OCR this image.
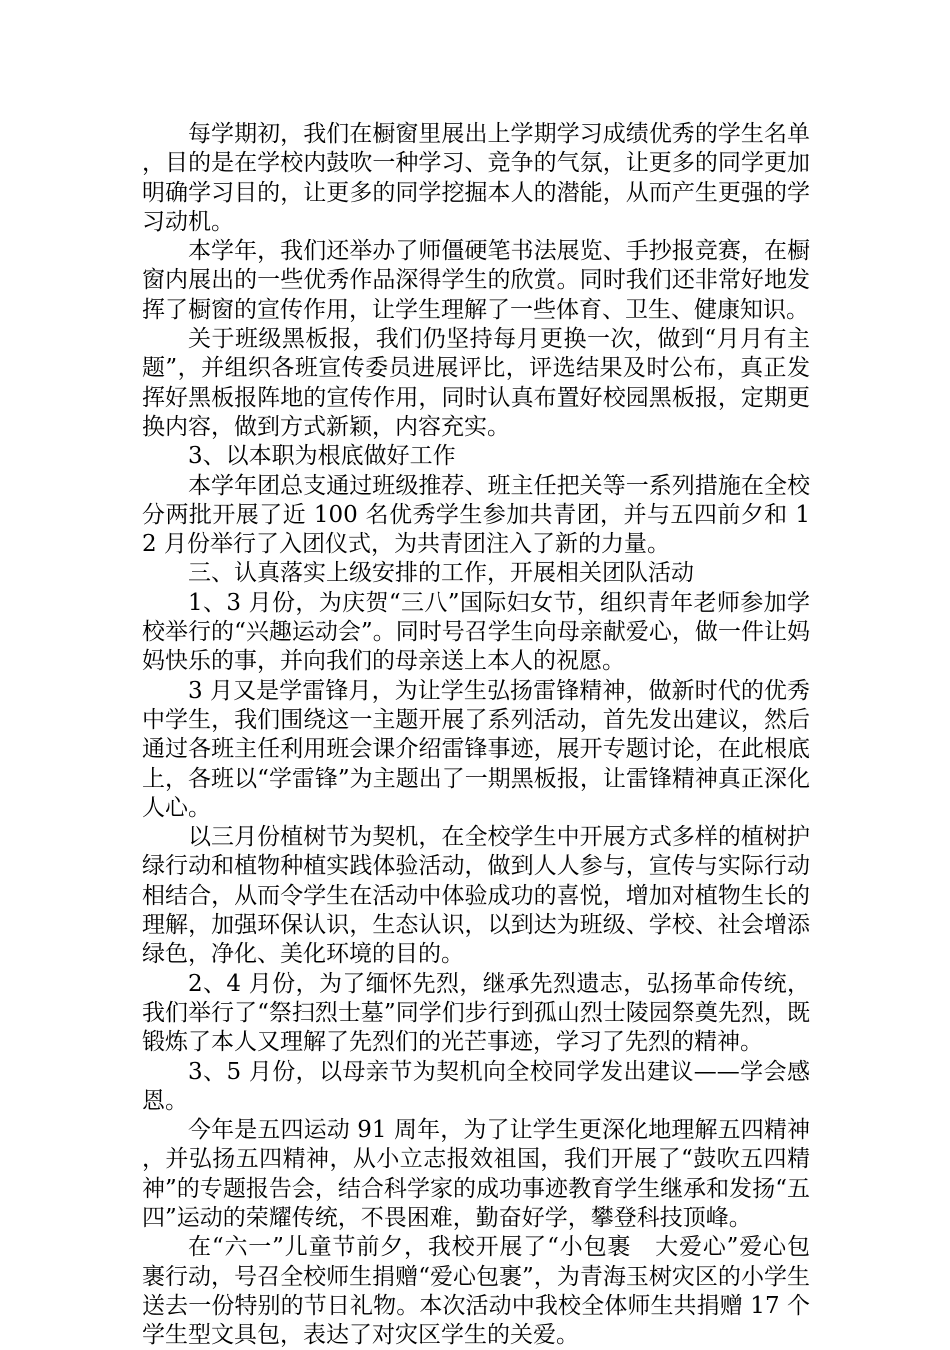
每学期初，我们在橱窗里展出上学期学习成绩优秀的学生名单，目的是在学校内鼓吹一种学习、竞争的气氛，让更多的同学更加明确学习目的，让更多的同学挖掘本人的潜能，从而产生更强的学习动机。

本学年，我们还举办了师僵硬笔书法展览、手抄报竞赛，在橱窗内展出的一些优秀作品深得学生的欣赏。同时我们还非常好地发挥了橱窗的宣传作用，让学生理解了一些体育、卫生、健康知识。

关于班级黑板报，我们仍坚持每月更换一次，做到“月月有主题”，并组织各班宣传委员进展评比，评选结果及时公布，真正发挥好黑板报阵地的宣传作用，同时认真布置好校园黑板报，定期更换内容，做到方式新颖，内容充实。

3、以本职为根底做好工作

本学年团总支通过班级推荐、班主任把关等一系列措施在全校分两批开展了近 100 名优秀学生参加共青团，并与五四前夕和 12 月份举行了入团仪式，为共青团注入了新的力量。

三、认真落实上级安排的工作，开展相关团队活动

1、3 月份，为庆贺“三八”国际妇女节，组织青年老师参加学校举行的“兴趣运动会”。同时号召学生向母亲献爱心，做一件让妈妈快乐的事，并向我们的母亲送上本人的祝愿。

3 月又是学雷锋月，为让学生弘扬雷锋精神，做新时代的优秀中学生，我们围绕这一主题开展了系列活动，首先发出建议，然后通过各班主任利用班会课介绍雷锋事迹，展开专题讨论，在此根底上，各班以“学雷锋”为主题出了一期黑板报，让雷锋精神真正深化人心。

以三月份植树节为契机，在全校学生中开展方式多样的植树护绿行动和植物种植实践体验活动，做到人人参与，宣传与实际行动相结合，从而令学生在活动中体验成功的喜悦，增加对植物生长的理解，加强环保认识，生态认识，以到达为班级、学校、社会增添绿色，净化、美化环境的目的。

2、4 月份，为了缅怀先烈，继承先烈遗志，弘扬革命传统，我们举行了“祭扫烈士墓”同学们步行到孤山烈士陵园祭奠先烈，既锻炼了本人又理解了先烈们的光芒事迹，学习了先烈的精神。

3、5 月份，以母亲节为契机向全校同学发出建议——学会感恩。

今年是五四运动 91 周年，为了让学生更深化地理解五四精神，并弘扬五四精神，从小立志报效祖国，我们开展了“鼓吹五四精神”的专题报告会，结合科学家的成功事迹教育学生继承和发扬“五四”运动的荣耀传统，不畏困难，勤奋好学，攀登科技顶峰。

在“六一”儿童节前夕，我校开展了“小包裹　大爱心”爱心包裹行动，号召全校师生捐赠“爱心包裹”，为青海玉树灾区的小学生送去一份特别的节日礼物。本次活动中我校全体师生共捐赠 17 个学生型文具包，表达了对灾区学生的关爱。
